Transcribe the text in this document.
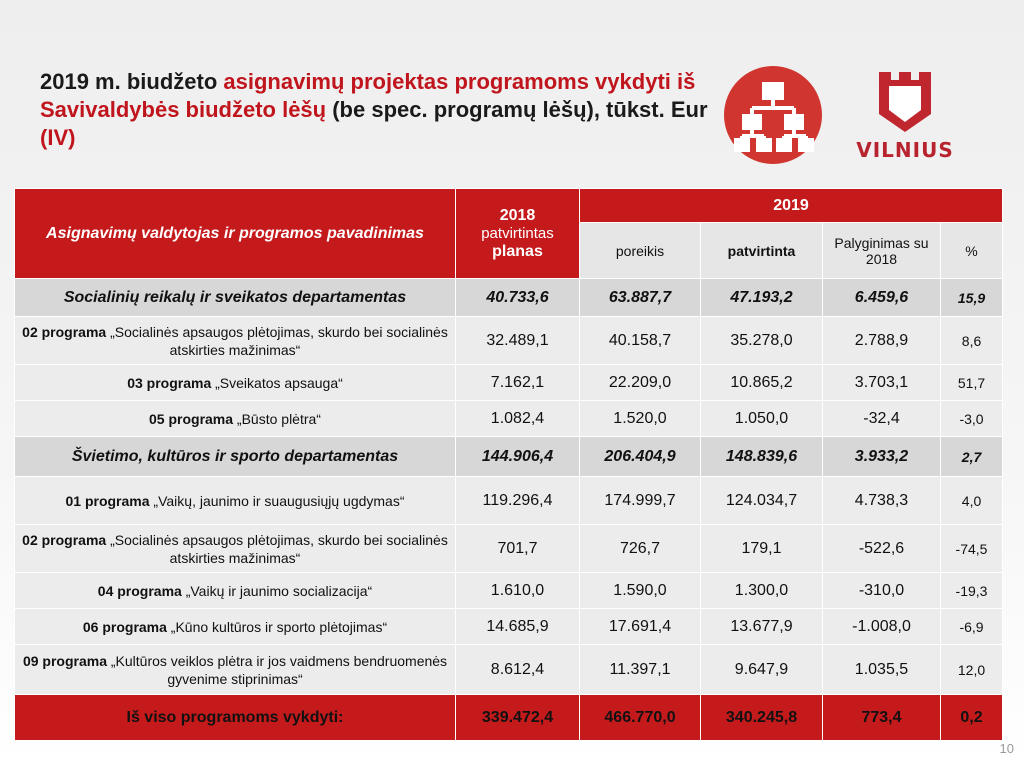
2019 m. biudžeto asignavimų projektas programoms vykdyti iš Savivaldybės biudžeto lėšų (be spec. programų lėšų), tūkst. Eur (IV)	VILNIUS
Asignavimų valdytojas ir programos pavadinimas	2018
patvirtintas
planas	2019			
		poreikis	patvirtinta	Palyginimas su 2018	%
Socialinių reikalų ir sveikatos departamentas	40.733,6	63.887,7	47.193,2	6.459,6	15,9
02 programa „Socialinės apsaugos plėtojimas, skurdo bei socialinės atskirties mažinimas“	32.489,1	40.158,7	35.278,0	2.788,9	8,6
03 programa „Sveikatos apsauga“	7.162,1	22.209,0	10.865,2	3.703,1	51,7
05 programa „Būsto plėtra“	1.082,4	1.520,0	1.050,0	-32,4	-3,0
Švietimo, kultūros ir sporto departamentas	144.906,4	206.404,9	148.839,6	3.933,2	2,7
01 programa „Vaikų, jaunimo ir suaugusiųjų ugdymas“	119.296,4	174.999,7	124.034,7	4.738,3	4,0
02 programa „Socialinės apsaugos plėtojimas, skurdo bei socialinės atskirties mažinimas“	701,7	726,7	179,1	-522,6	-74,5
04 programa „Vaikų ir jaunimo socializacija“	1.610,0	1.590,0	1.300,0	-310,0	-19,3
06 programa „Kūno kultūros ir sporto plėtojimas“	14.685,9	17.691,4	13.677,9	-1.008,0	-6,9
09 programa „Kultūros veiklos plėtra ir jos vaidmens bendruomenės gyvenime stiprinimas“	8.612,4	11.397,1	9.647,9	1.035,5	12,0
Iš viso programoms vykdyti:	339.472,4	466.770,0	340.245,8	773,4	0,2
10
